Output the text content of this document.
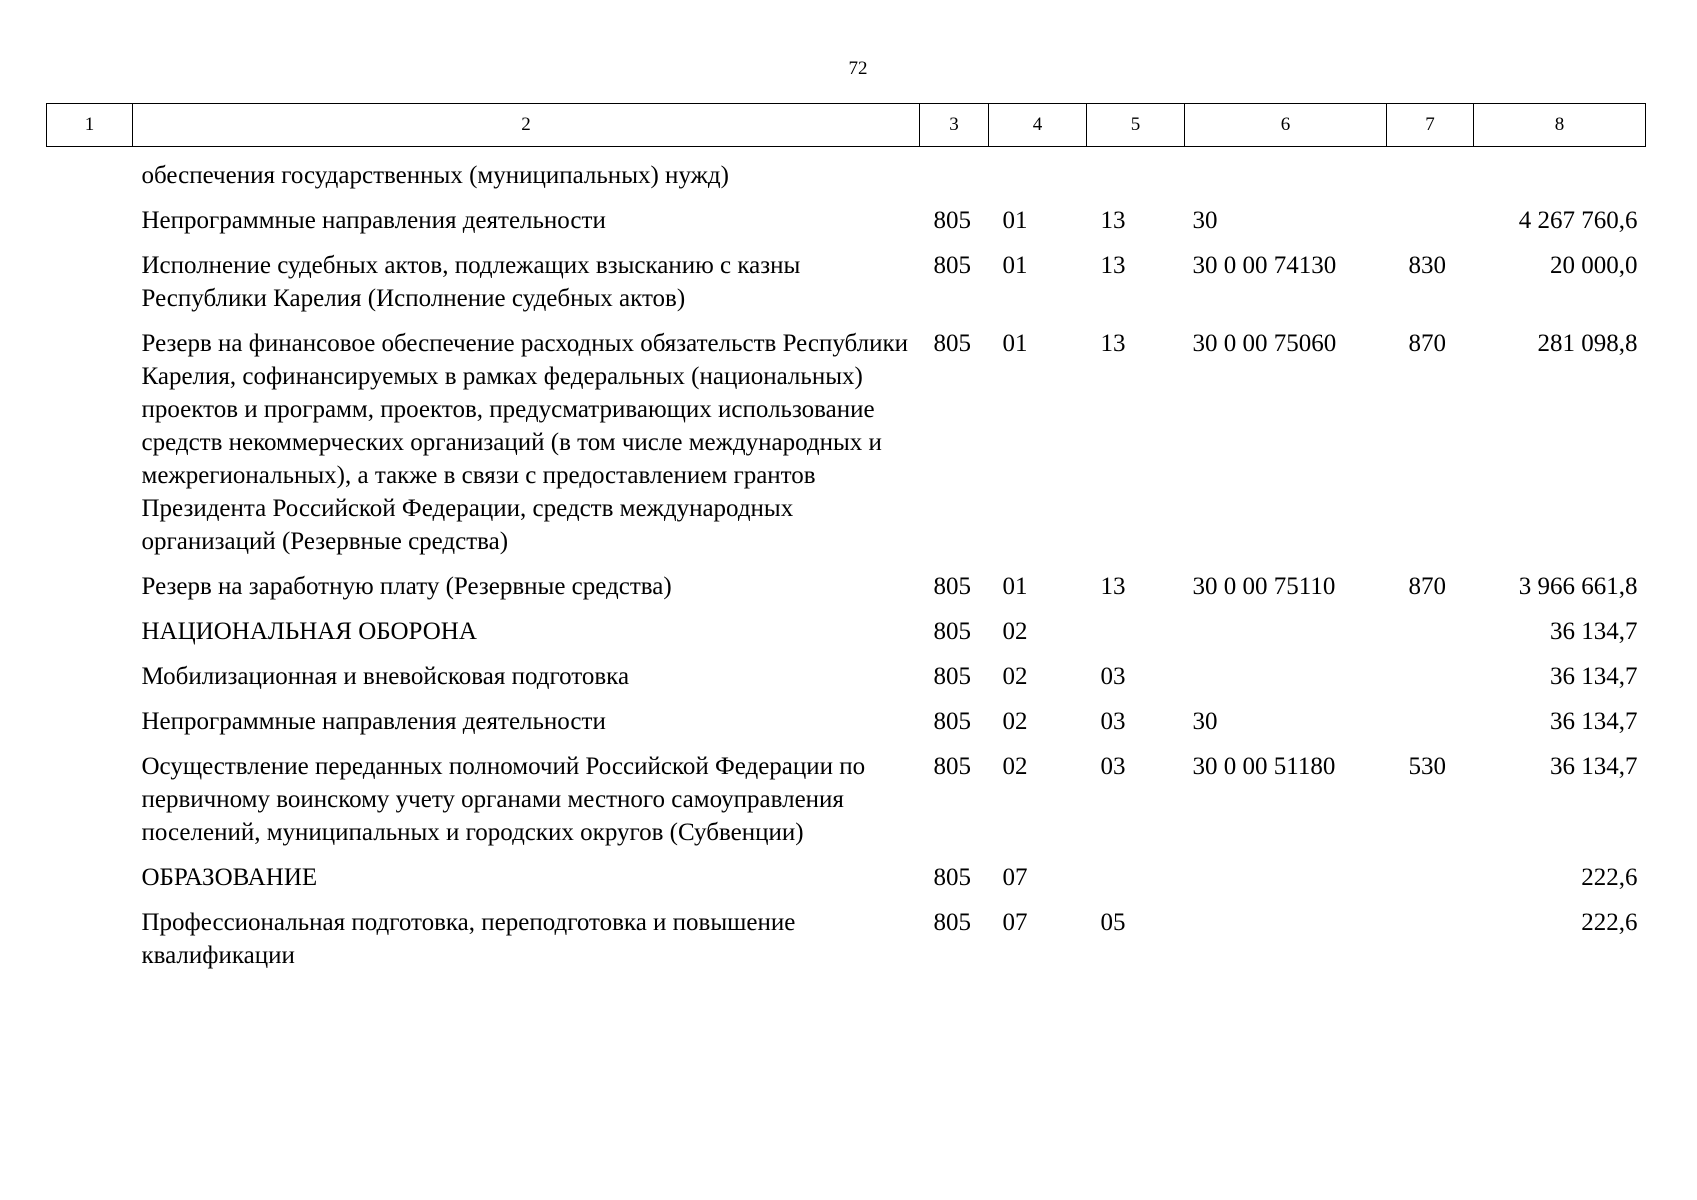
72
1	2	3	4	5	6	7	8
	обеспечения государственных (муниципальных) нужд)						
	Непрограммные направления деятельности	805	01	13	30		4 267 760,6
	Исполнение судебных актов, подлежащих взысканию с казны Республики Карелия (Исполнение судебных актов)	805	01	13	30 0 00 74130	830	20 000,0
	Резерв на финансовое обеспечение расходных обязательств Республики Карелия, софинансируемых в рамках федеральных (национальных) проектов и программ, проектов, предусматривающих использование средств некоммерческих организаций (в том числе международных и межрегиональных), а также в связи с предоставлением грантов Президента Российской Федерации, средств международных организаций (Резервные средства)	805	01	13	30 0 00 75060	870	281 098,8
	Резерв на заработную плату (Резервные средства)	805	01	13	30 0 00 75110	870	3 966 661,8
	НАЦИОНАЛЬНАЯ ОБОРОНА	805	02				36 134,7
	Мобилизационная и вневойсковая подготовка	805	02	03			36 134,7
	Непрограммные направления деятельности	805	02	03	30		36 134,7
	Осуществление переданных полномочий Российской Федерации по первичному воинскому учету органами местного самоуправления поселений, муниципальных и городских округов (Субвенции)	805	02	03	30 0 00 51180	530	36 134,7
	ОБРАЗОВАНИЕ	805	07				222,6
	Профессиональная подготовка, переподготовка и повышение квалификации	805	07	05			222,6
